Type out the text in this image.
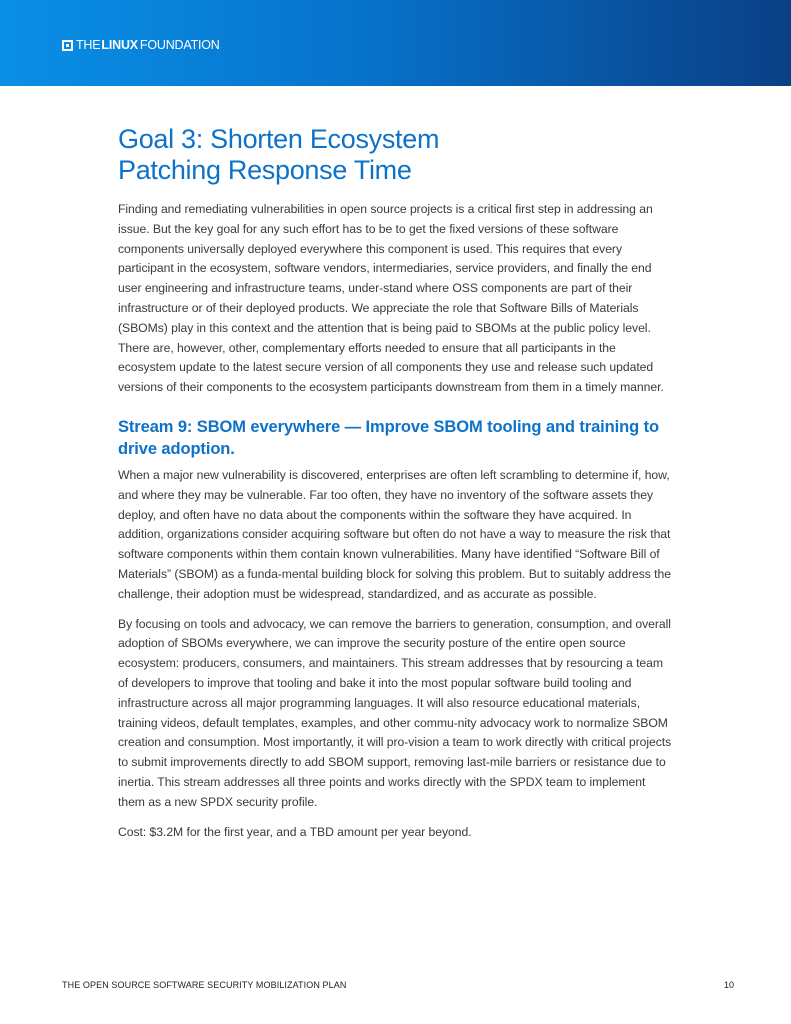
THE LINUX FOUNDATION
Goal 3: Shorten Ecosystem
Patching Response Time

Finding and remediating vulnerabilities in open source projects is a critical first step in addressing an issue. But the key goal for any such effort has to be to get the fixed versions of these software components universally deployed everywhere this component is used. This requires that every participant in the ecosystem, software vendors, intermediaries, service providers, and finally the end user engineering and infrastructure teams, under-stand where OSS components are part of their infrastructure or of their deployed products. We appreciate the role that Software Bills of Materials (SBOMs) play in this context and the attention that is being paid to SBOMs at the public policy level. There are, however, other, complementary efforts needed to ensure that all participants in the ecosystem update to the latest secure version of all components they use and release such updated versions of their components to the ecosystem participants downstream from them in a timely manner.

Stream 9: SBOM everywhere — Improve SBOM tooling and training to drive adoption.

When a major new vulnerability is discovered, enterprises are often left scrambling to determine if, how, and where they may be vulnerable. Far too often, they have no inventory of the software assets they deploy, and often have no data about the components within the software they have acquired. In addition, organizations consider acquiring software but often do not have a way to measure the risk that software components within them contain known vulnerabilities. Many have identified “Software Bill of Materials” (SBOM) as a funda-mental building block for solving this problem. But to suitably address the challenge, their adoption must be widespread, standardized, and as accurate as possible.

By focusing on tools and advocacy, we can remove the barriers to generation, consumption, and overall adoption of SBOMs everywhere, we can improve the security posture of the entire open source ecosystem: producers, consumers, and maintainers. This stream addresses that by resourcing a team of developers to improve that tooling and bake it into the most popular software build tooling and infrastructure across all major programming languages. It will also resource educational materials, training videos, default templates, examples, and other commu-nity advocacy work to normalize SBOM creation and consumption. Most importantly, it will pro-vision a team to work directly with critical projects to submit improvements directly to add SBOM support, removing last-mile barriers or resistance due to inertia. This stream addresses all three points and works directly with the SPDX team to implement them as a new SPDX security profile.

Cost: $3.2M for the first year, and a TBD amount per year beyond.

THE OPEN SOURCE SOFTWARE SECURITY MOBILIZATION PLAN	10
